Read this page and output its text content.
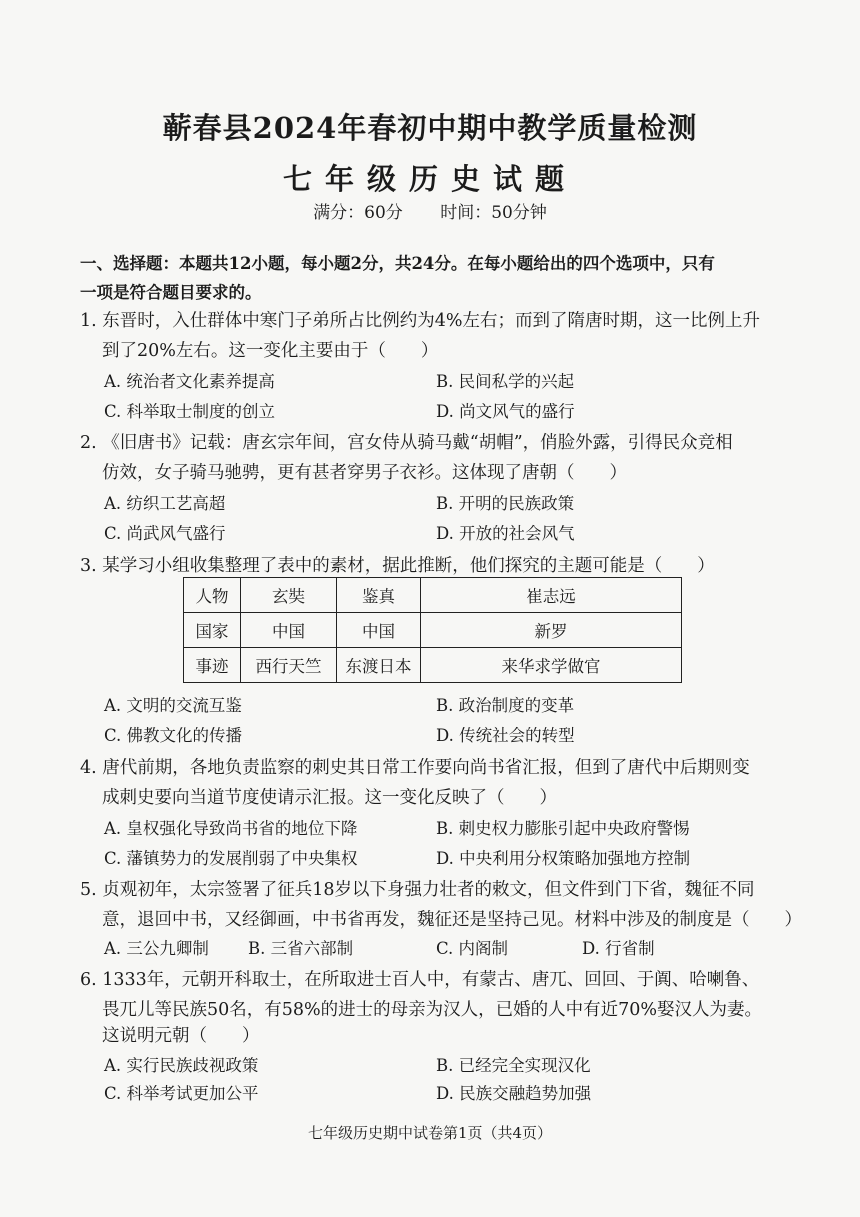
蕲春县2024年春初中期中教学质量检测
七年级历史试题
满分：60分 时间：50分钟
一、选择题：本题共12小题，每小题2分，共24分。在每小题给出的四个选项中，只有
一项是符合题目要求的。
1. 东晋时，入仕群体中寒门子弟所占比例约为4%左右；而到了隋唐时期，这一比例上升
到了20%左右。这一变化主要由于（　　）
A. 统治者文化素养提高	B. 民间私学的兴起
C. 科举取士制度的创立	D. 尚文风气的盛行
2. 《旧唐书》记载：唐玄宗年间，宫女侍从骑马戴“胡帽”，俏脸外露，引得民众竞相
仿效，女子骑马驰骋，更有甚者穿男子衣衫。这体现了唐朝（　　）
A. 纺织工艺高超	B. 开明的民族政策
C. 尚武风气盛行	D. 开放的社会风气
3. 某学习小组收集整理了表中的素材，据此推断，他们探究的主题可能是（　　）
人物	玄奘	鉴真	崔志远
国家	中国	中国	新罗
事迹	西行天竺	东渡日本	来华求学做官
A. 文明的交流互鉴	B. 政治制度的变革
C. 佛教文化的传播	D. 传统社会的转型
4. 唐代前期，各地负责监察的刺史其日常工作要向尚书省汇报，但到了唐代中后期则变
成刺史要向当道节度使请示汇报。这一变化反映了（　　）
A. 皇权强化导致尚书省的地位下降	B. 刺史权力膨胀引起中央政府警惕
C. 藩镇势力的发展削弱了中央集权	D. 中央利用分权策略加强地方控制
5. 贞观初年，太宗签署了征兵18岁以下身强力壮者的敕文，但文件到门下省，魏征不同
意，退回中书，又经御画，中书省再发，魏征还是坚持己见。材料中涉及的制度是（　　）
A. 三公九卿制 B. 三省六部制	C. 内阁制	D. 行省制
6. 1333年，元朝开科取士，在所取进士百人中，有蒙古、唐兀、回回、于阗、哈喇鲁、
畏兀儿等民族50名，有58%的进士的母亲为汉人，已婚的人中有近70%娶汉人为妻。
这说明元朝（　　）
A. 实行民族歧视政策	B. 已经完全实现汉化
C. 科举考试更加公平	D. 民族交融趋势加强
七年级历史期中试卷第1页（共4页）
